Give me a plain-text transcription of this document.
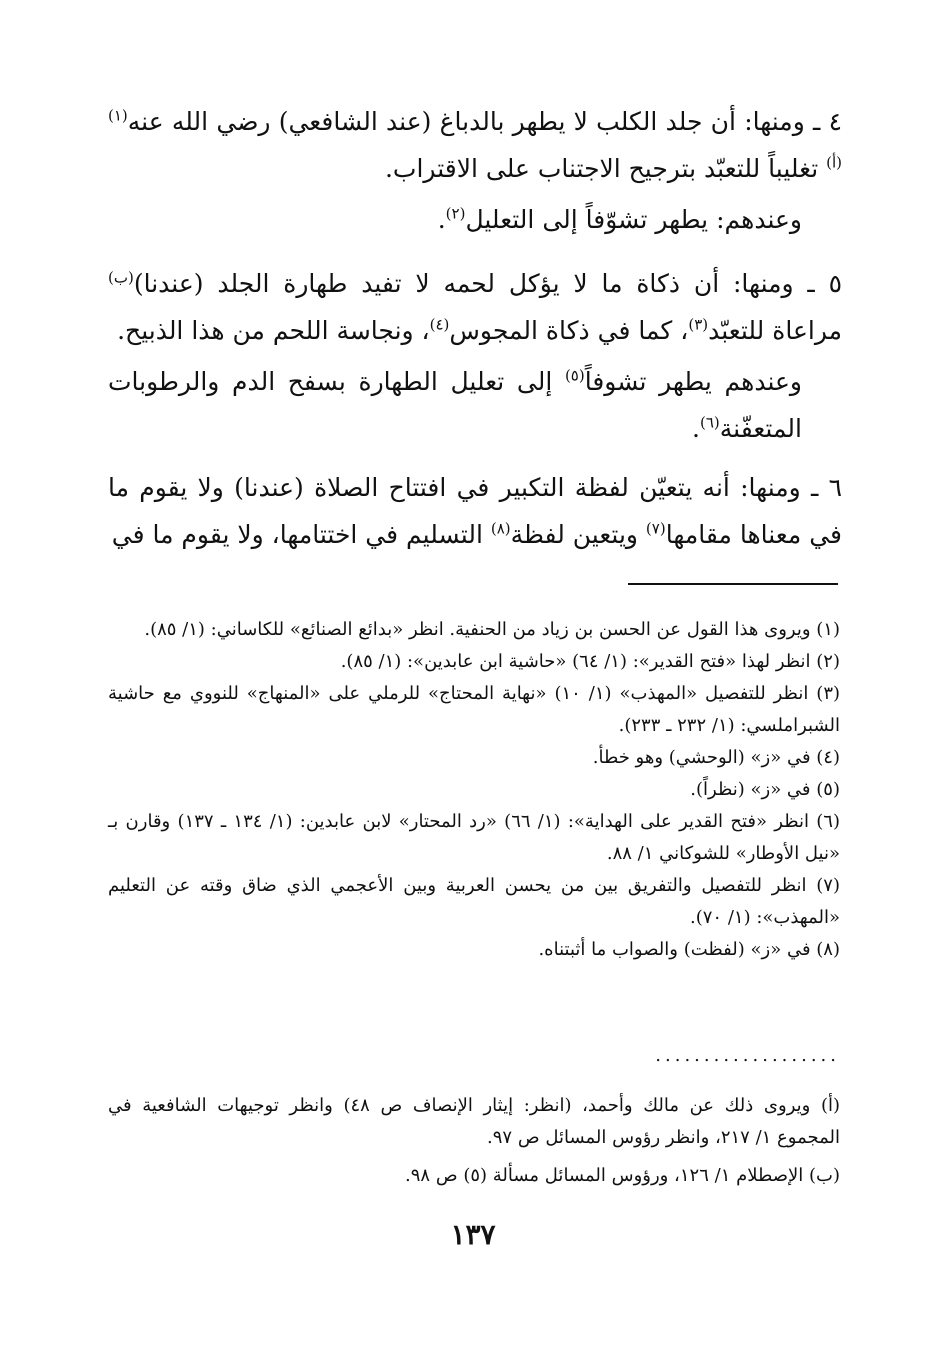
٤ ـ ومنها: أن جلد الكلب لا يطهر بالدباغ (عند الشافعي) رضي الله عنه$^{(١)}$ $^{(أ)}$ تغليباً للتعبّد بترجيح الاجتناب على الاقتراب.
وعندهم: يطهر تشوّفاً إلى التعليل$^{(٢)}$.
٥ ـ ومنها: أن ذكاة ما لا يؤكل لحمه لا تفيد طهارة الجلد (عندنا)$^{(ب)}$ مراعاة للتعبّد$^{(٣)}$، كما في ذكاة المجوس$^{(٤)}$، ونجاسة اللحم من هذا الذبيح.
وعندهم يطهر تشوفاً$^{(٥)}$ إلى تعليل الطهارة بسفح الدم والرطوبات المتعفّنة$^{(٦)}$.
٦ ـ ومنها: أنه يتعيّن لفظة التكبير في افتتاح الصلاة (عندنا) ولا يقوم ما في معناها مقامها$^{(٧)}$ ويتعين لفظة$^{(٨)}$ التسليم في اختتامها، ولا يقوم ما في
(١) ويروى هذا القول عن الحسن بن زياد من الحنفية. انظر «بدائع الصنائع» للكاساني: (١/ ٨٥).
(٢) انظر لهذا «فتح القدير»: (١/ ٦٤) «حاشية ابن عابدين»: (١/ ٨٥).
(٣) انظر للتفصيل «المهذب» (١/ ١٠) «نهاية المحتاج» للرملي على «المنهاج» للنووي مع حاشية الشبراملسي: (١/ ٢٣٢ ـ ٢٣٣).
(٤) في «ز» (الوحشي) وهو خطأ.
(٥) في «ز» (نظراً).
(٦) انظر «فتح القدير على الهداية»: (١/ ٦٦) «رد المحتار» لابن عابدين: (١/ ١٣٤ ـ ١٣٧) وقارن بـ «نيل الأوطار» للشوكاني ١/ ٨٨.
(٧) انظر للتفصيل والتفريق بين من يحسن العربية وبين الأعجمي الذي ضاق وقته عن التعليم «المهذب»: (١/ ٧٠).
(٨) في «ز» (لفظت) والصواب ما أثبتناه.
...................
(أ) ويروى ذلك عن مالك وأحمد، (انظر: إيثار الإنصاف ص ٤٨) وانظر توجيهات الشافعية في المجموع ١/ ٢١٧، وانظر رؤوس المسائل ص ٩٧.
(ب) الإصطلام ١/ ١٢٦، ورؤوس المسائل مسألة (٥) ص ٩٨.
١٣٧
